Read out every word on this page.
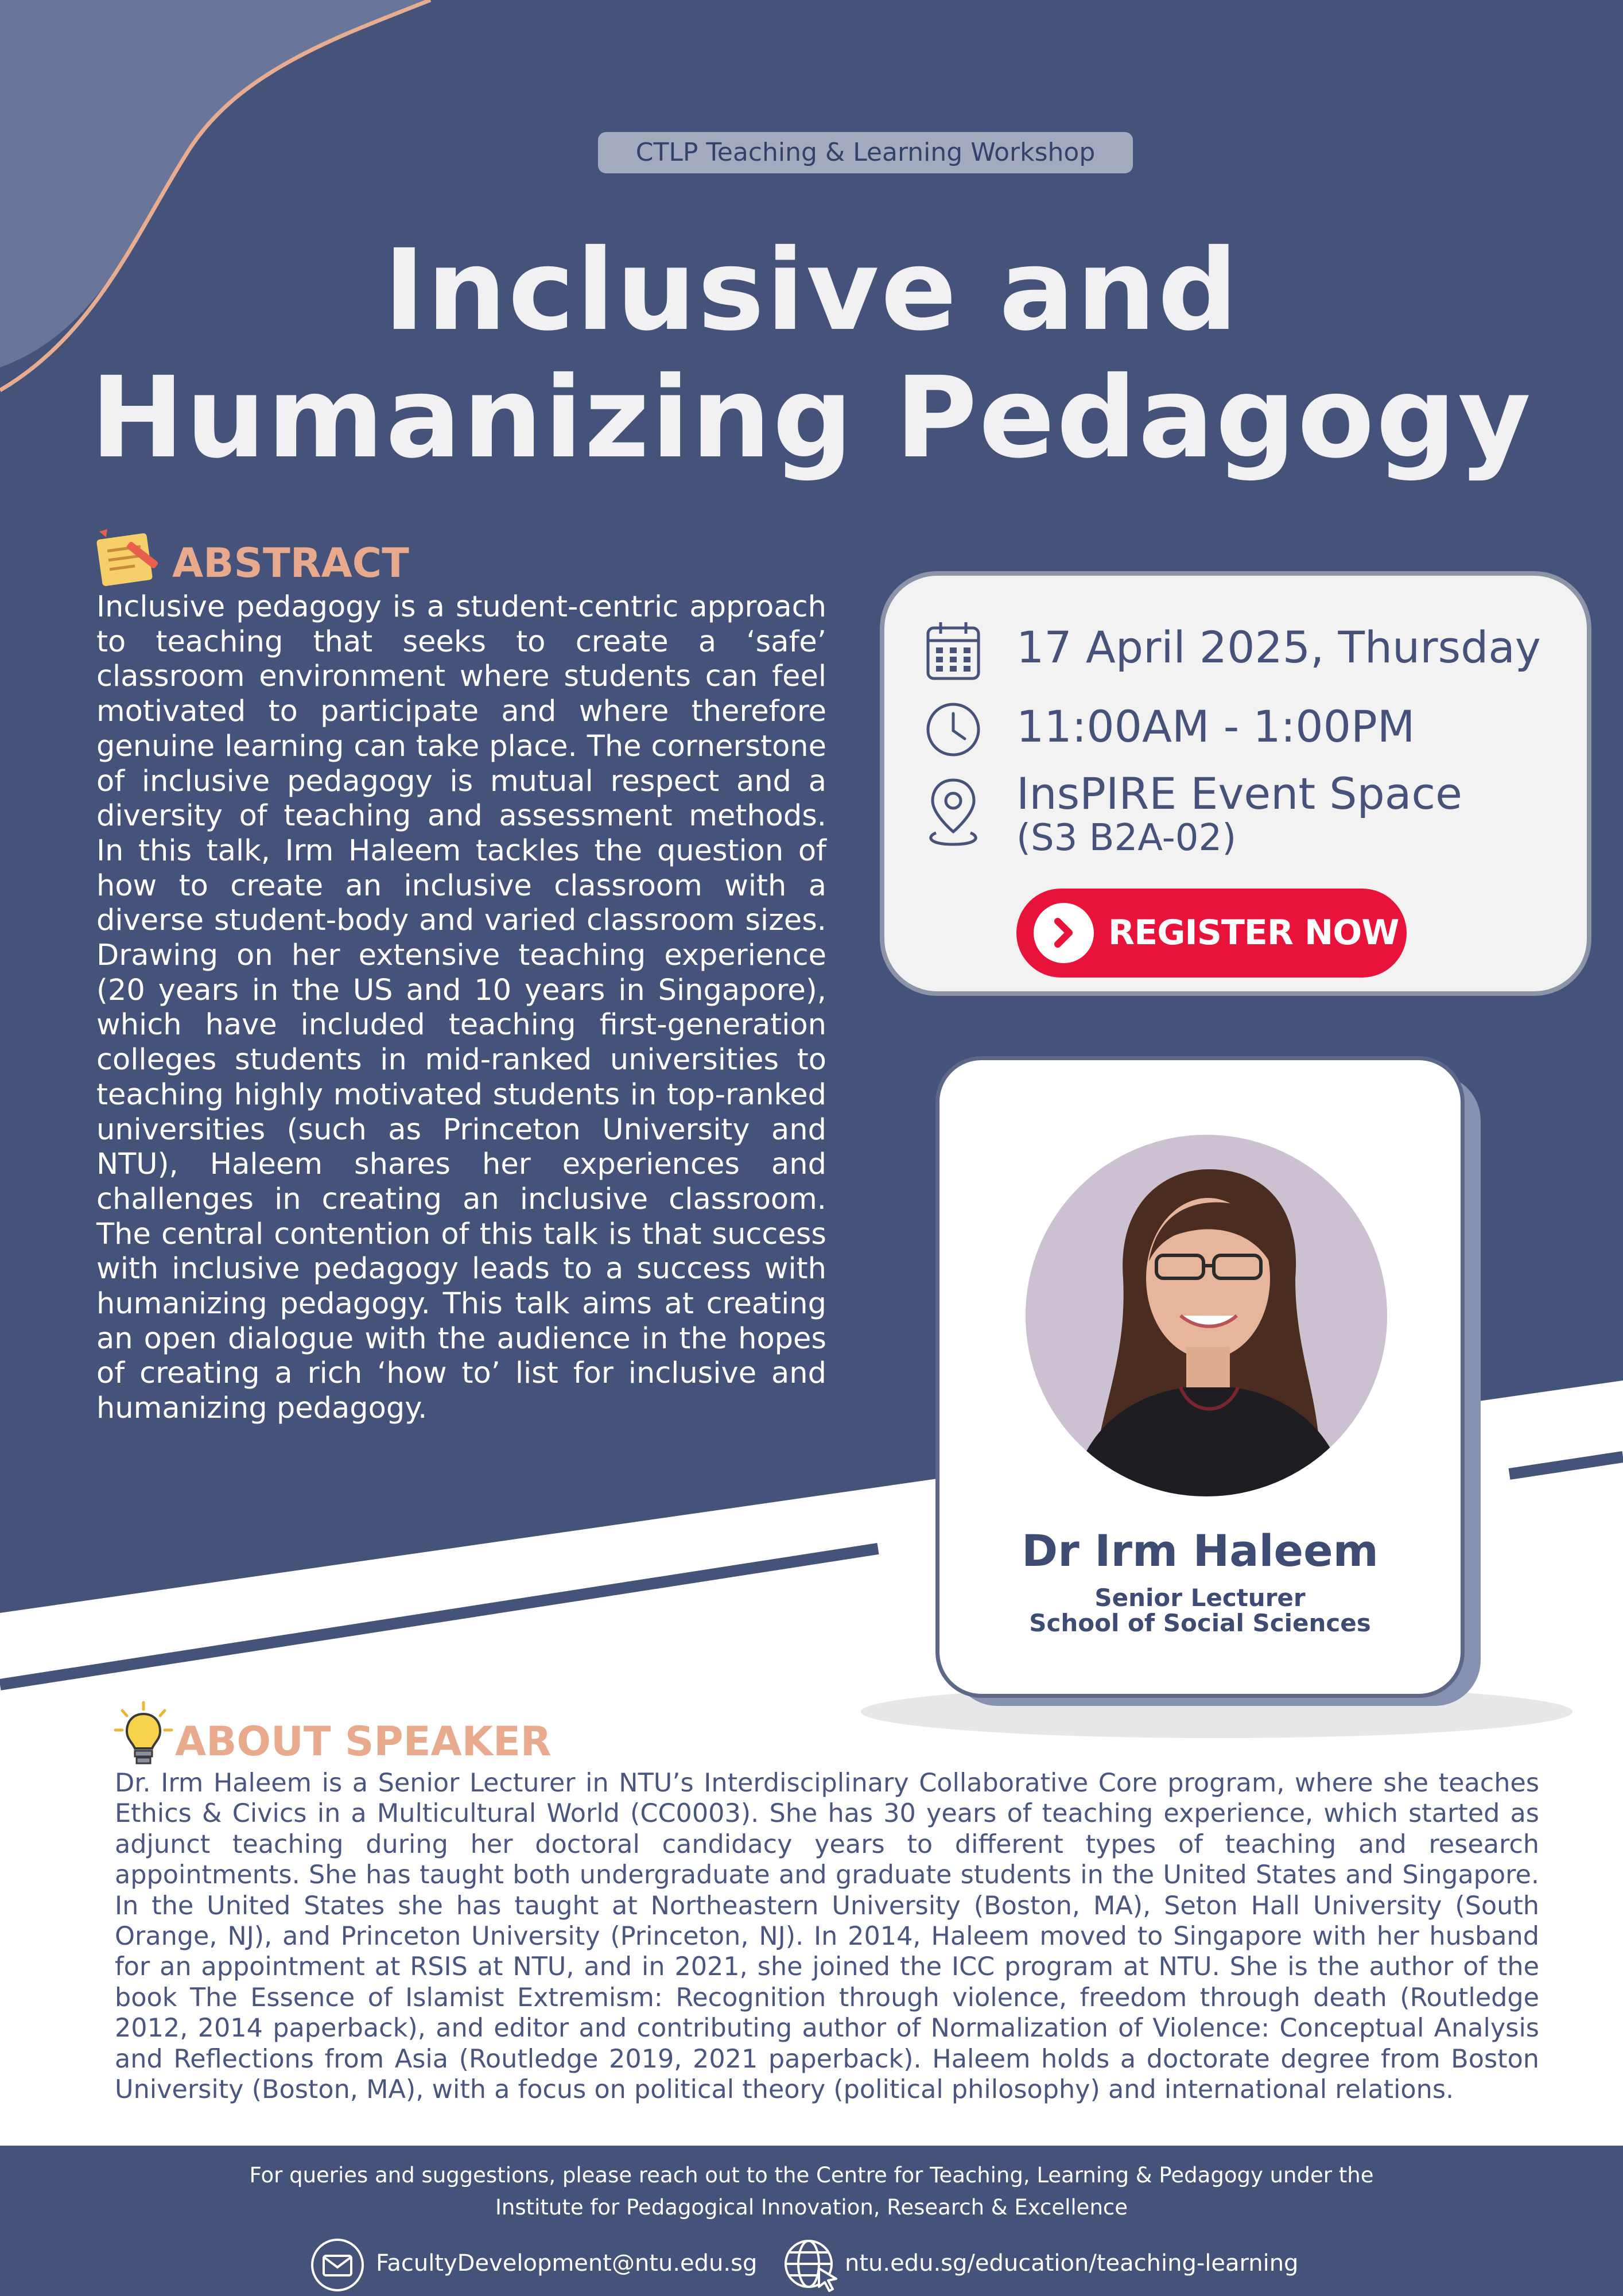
CTLP Teaching & Learning Workshop
Inclusive and
Humanizing Pedagogy
ABSTRACT
Inclusive pedagogy is a student-centric approach to teaching that seeks to create a ‘safe’ classroom environment where students can feel motivated to participate and where therefore genuine learning can take place. The cornerstone of inclusive pedagogy is mutual respect and a diversity of teaching and assessment methods. In this talk, Irm Haleem tackles the question of how to create an inclusive classroom with a diverse student-body and varied classroom sizes. Drawing on her extensive teaching experience (20 years in the US and 10 years in Singapore), which have included teaching first-generation colleges students in mid-ranked universities to teaching highly motivated students in top-ranked universities (such as Princeton University and NTU), Haleem shares her experiences and challenges in creating an inclusive classroom. The central contention of this talk is that success with inclusive pedagogy leads to a success with humanizing pedagogy. This talk aims at creating an open dialogue with the audience in the hopes of creating a rich ‘how to’ list for inclusive and humanizing pedagogy.
17 April 2025, Thursday
11:00AM - 1:00PM
InsPIRE Event Space
(S3 B2A-02)
REGISTER NOW
Dr Irm Haleem
Senior Lecturer
School of Social Sciences
ABOUT SPEAKER
Dr. Irm Haleem is a Senior Lecturer in NTU’s Interdisciplinary Collaborative Core program, where she teaches Ethics & Civics in a Multicultural World (CC0003). She has 30 years of teaching experience, which started as adjunct teaching during her doctoral candidacy years to different types of teaching and research appointments. She has taught both undergraduate and graduate students in the United States and Singapore. In the United States she has taught at Northeastern University (Boston, MA), Seton Hall University (South Orange, NJ), and Princeton University (Princeton, NJ). In 2014, Haleem moved to Singapore with her husband for an appointment at RSIS at NTU, and in 2021, she joined the ICC program at NTU. She is the author of the book The Essence of Islamist Extremism: Recognition through violence, freedom through death (Routledge 2012, 2014 paperback), and editor and contributing author of Normalization of Violence: Conceptual Analysis and Reflections from Asia (Routledge 2019, 2021 paperback). Haleem holds a doctorate degree from Boston University (Boston, MA), with a focus on political theory (political philosophy) and international relations.
For queries and suggestions, please reach out to the Centre for Teaching, Learning & Pedagogy under the
Institute for Pedagogical Innovation, Research & Excellence
FacultyDevelopment@ntu.edu.sg	ntu.edu.sg/education/teaching-learning
